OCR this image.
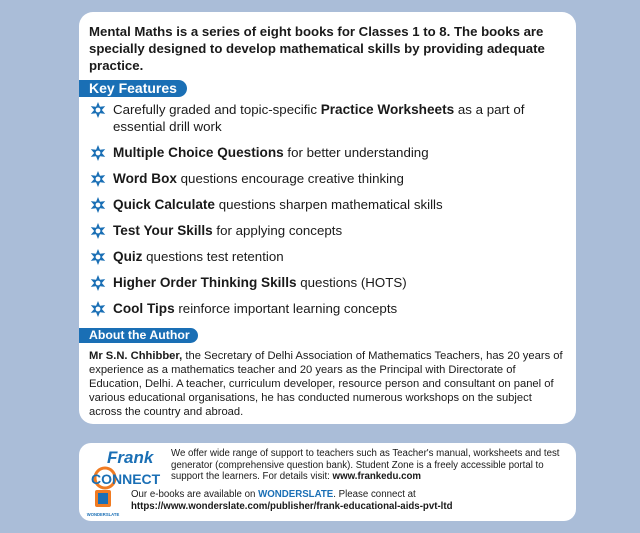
Mental Maths is a series of eight books for Classes 1 to 8. The books are specially designed to develop mathematical skills by providing adequate practice.

Key Features
Carefully graded and topic-specific Practice Worksheets as a part of essential drill work
Multiple Choice Questions for better understanding
Word Box questions encourage creative thinking
Quick Calculate questions sharpen mathematical skills
Test Your Skills for applying concepts
Quiz questions test retention
Higher Order Thinking Skills questions (HOTS)
Cool Tips reinforce important learning concepts
About the Author

Mr S.N. Chhibber, the Secretary of Delhi Association of Mathematics Teachers, has 20 years of experience as a mathematics teacher and 20 years as the Principal with Directorate of Education, Delhi. A teacher, curriculum developer, resource person and consultant on panel of various educational organisations, he has conducted numerous workshops on the subject across the country and abroad.

Frank
CONNECT
We offer wide range of support to teachers such as Teacher's manual, worksheets and test generator (comprehensive question bank). Student Zone is a freely accessible portal to support the learners. For details visit: www.frankedu.com
WONDERSLATE
Our e-books are available on WONDERSLATE. Please connect at
https://www.wonderslate.com/publisher/frank-educational-aids-pvt-ltd
